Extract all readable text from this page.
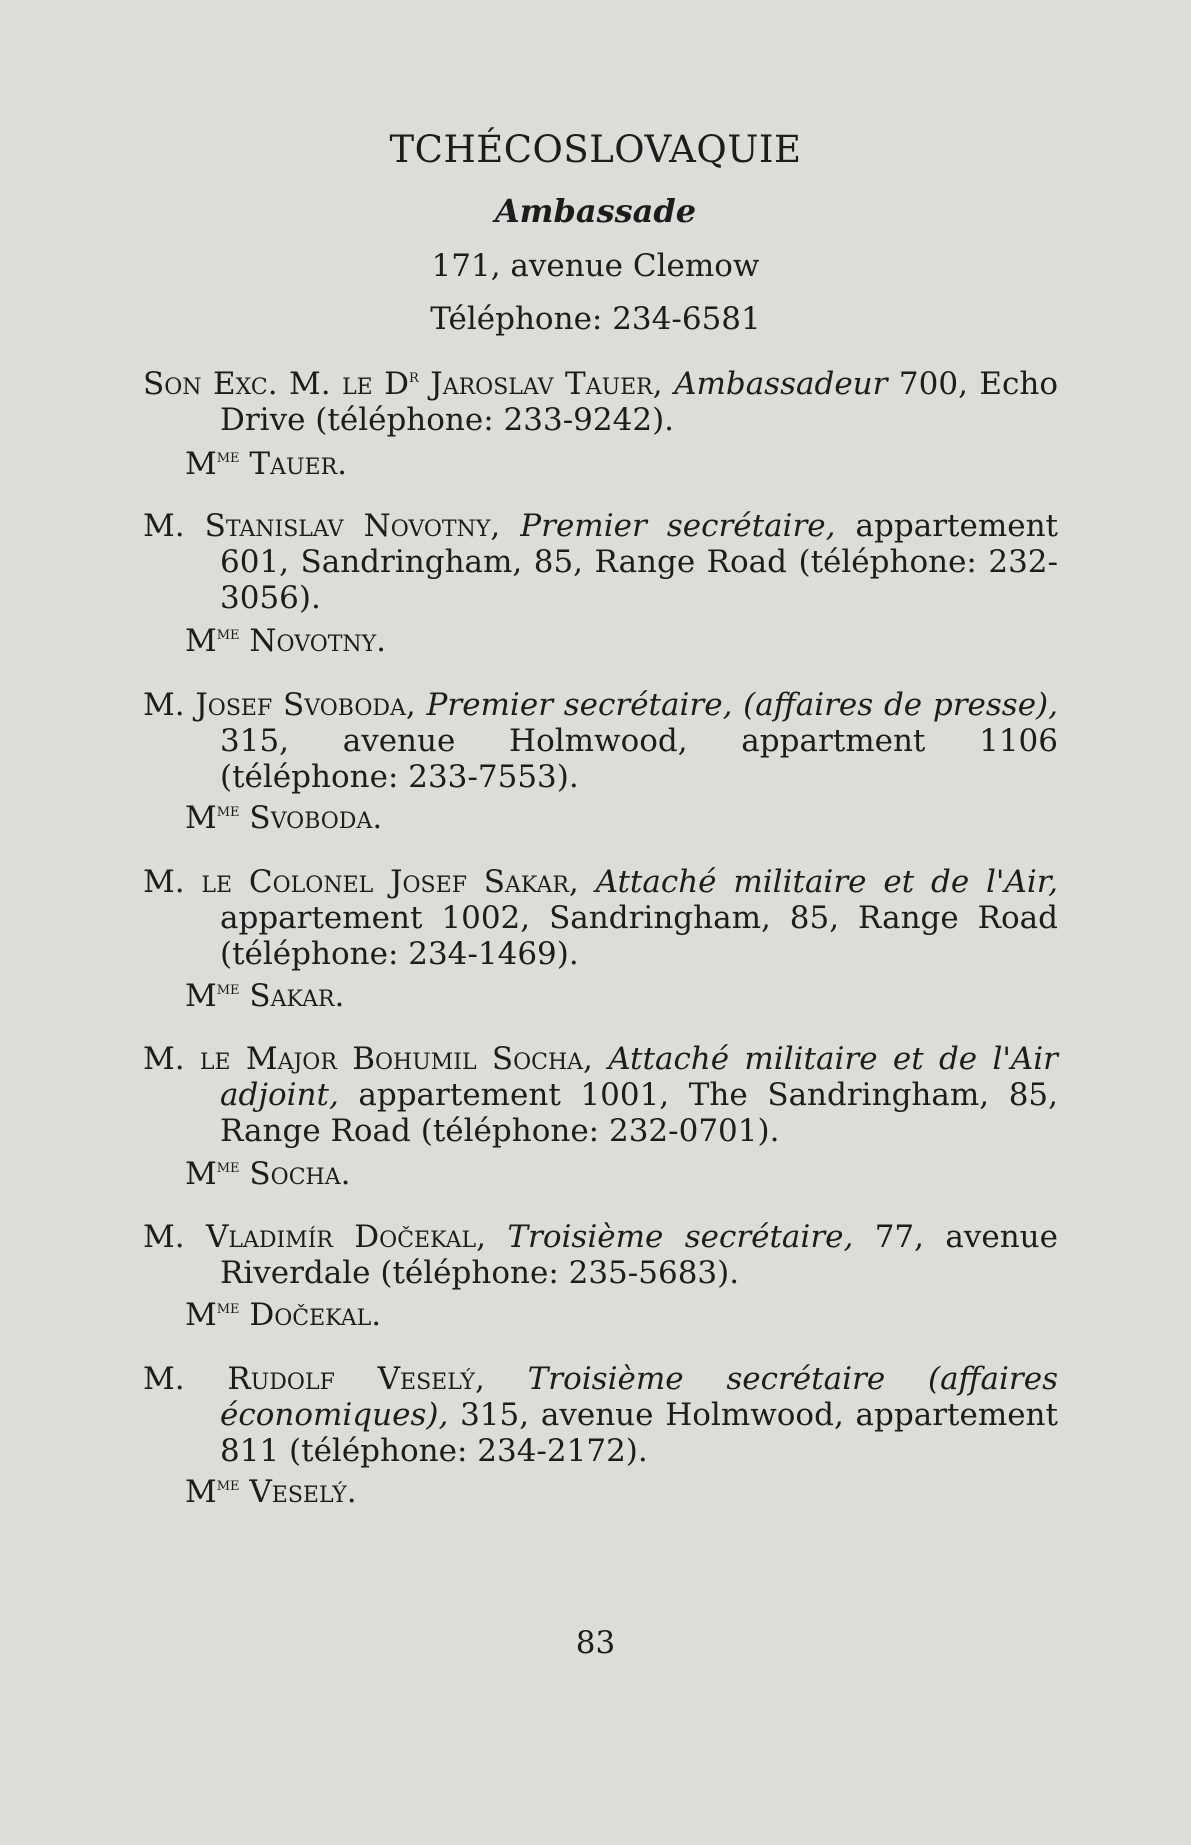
TCHÉCOSLOVAQUIE
Ambassade
171, avenue Clemow
Téléphone: 234-6581
Son Exc. M. le $D^r$ Jaroslav Tauer, Ambassadeur 700, Echo Drive (téléphone: 233-9242).
$M^{me}$ Tauer.
M. Stanislav Novotny, Premier secrétaire, appartement 601, Sandringham, 85, Range Road (téléphone: 232-3056).
$M^{me}$ Novotny.
M. Josef Svoboda, Premier secrétaire, (affaires de presse), 315, avenue Holmwood, appartment 1106 (téléphone: 233-7553).
$M^{me}$ Svoboda.
M. le Colonel Josef Sakar, Attaché militaire et de l'Air, appartement 1002, Sandringham, 85, Range Road (téléphone: 234-1469).
$M^{me}$ Sakar.
M. le Major Bohumil Socha, Attaché militaire et de l'Air adjoint, appartement 1001, The Sandringham, 85, Range Road (téléphone: 232-0701).
$M^{me}$ Socha.
M. Vladimír Dočekal, Troisième secrétaire, 77, avenue Riverdale (téléphone: 235-5683).
$M^{me}$ Dočekal.
M. Rudolf Veselý, Troisième secrétaire (affaires économiques), 315, avenue Holmwood, appartement 811 (téléphone: 234-2172).
$M^{me}$ Veselý.
83
